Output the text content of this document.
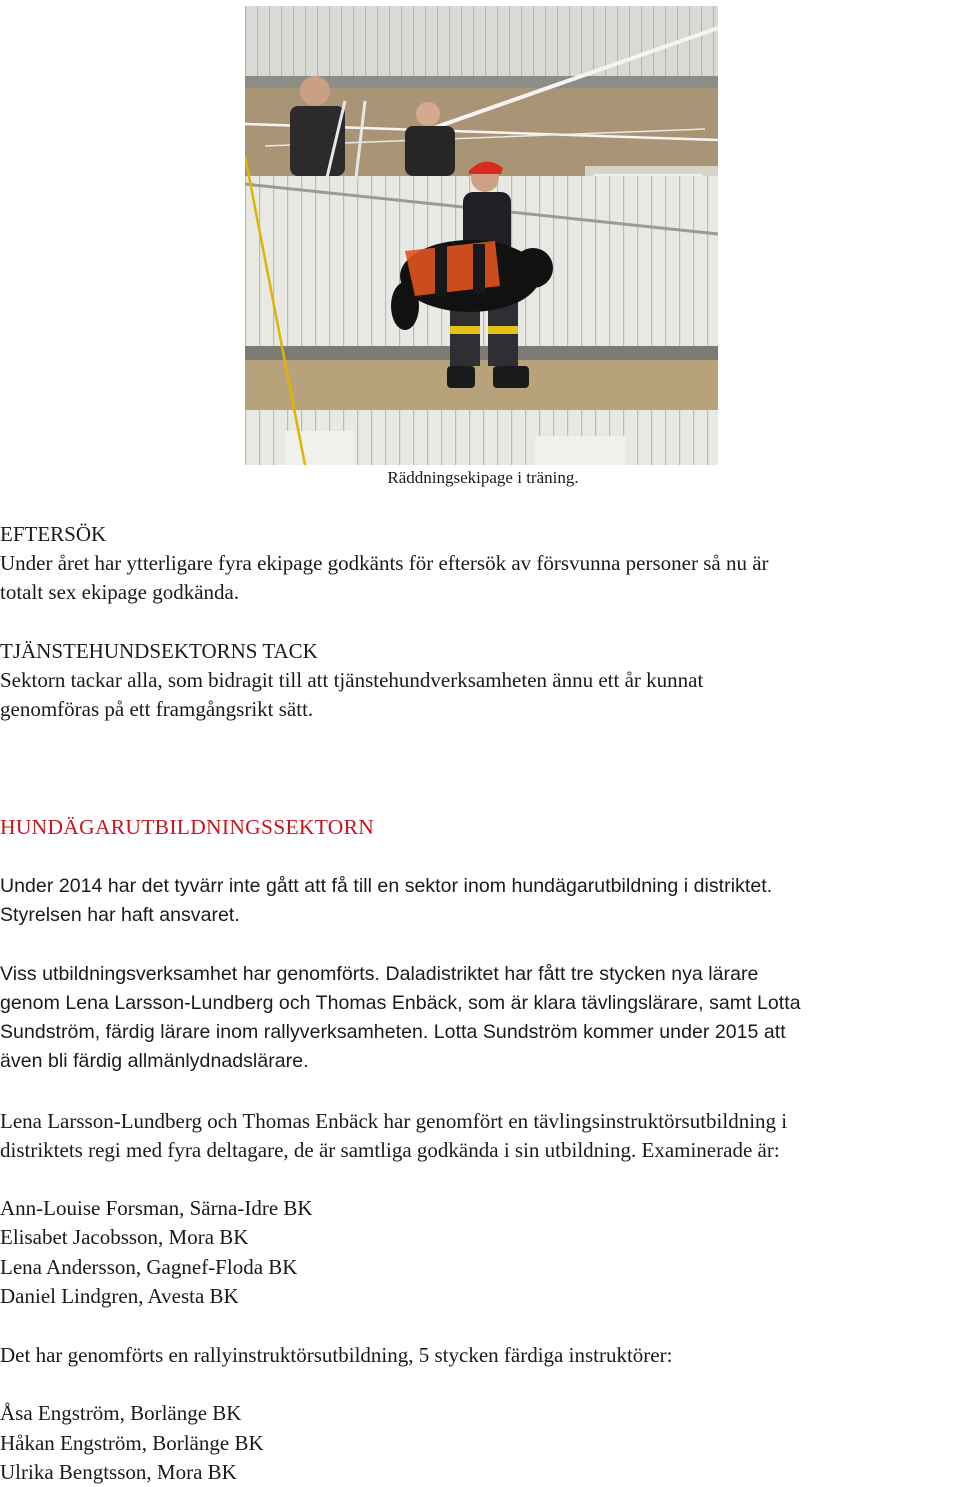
Räddningsekipage i träning.
EFTERSÖK
Under året har ytterligare fyra ekipage godkänts för eftersök av försvunna personer så nu är
totalt sex ekipage godkända.
TJÄNSTEHUNDSEKTORNS TACK
Sektorn tackar alla, som bidragit till att tjänstehundverksamheten ännu ett år kunnat
genomföras på ett framgångsrikt sätt.
HUNDÄGARUTBILDNINGSSEKTORN
Under 2014 har det tyvärr inte gått att få till en sektor inom hundägarutbildning i distriktet.
Styrelsen har haft ansvaret.
Viss utbildningsverksamhet har genomförts. Daladistriktet har fått tre stycken nya lärare
genom Lena Larsson-Lundberg och Thomas Enbäck, som är klara tävlingslärare, samt Lotta
Sundström, färdig lärare inom rallyverksamheten. Lotta Sundström kommer under 2015 att
även bli färdig allmänlydnadslärare.
Lena Larsson-Lundberg och Thomas Enbäck har genomfört en tävlingsinstruktörsutbildning i
distriktets regi med fyra deltagare, de är samtliga godkända i sin utbildning. Examinerade är:
Ann-Louise Forsman, Särna-Idre BK
Elisabet Jacobsson, Mora BK
Lena Andersson, Gagnef-Floda BK
Daniel Lindgren, Avesta BK
Det har genomförts en rallyinstruktörsutbildning, 5 stycken färdiga instruktörer:
Åsa Engström, Borlänge BK
Håkan Engström, Borlänge BK
Ulrika Bengtsson, Mora BK
